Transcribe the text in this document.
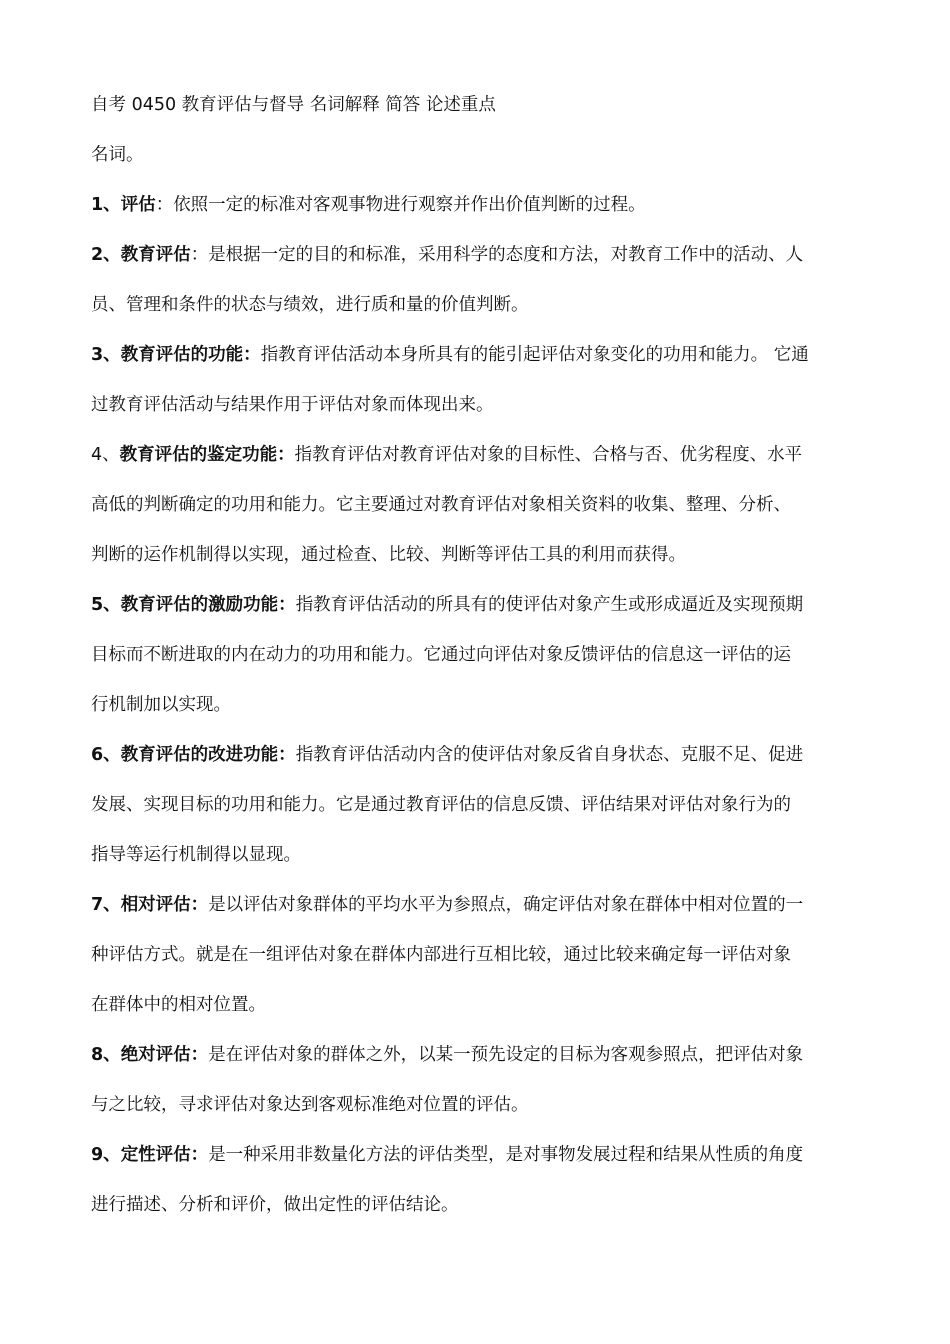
自考 0450 教育评估与督导 名词解释 简答 论述重点

名词。

1、评估：依照一定的标准对客观事物进行观察并作出价值判断的过程。

2、教育评估：是根据一定的目的和标准，采用科学的态度和方法，对教育工作中的活动、人

员、管理和条件的状态与绩效，进行质和量的价值判断。

3、教育评估的功能：指教育评估活动本身所具有的能引起评估对象变化的功用和能力。 它通

过教育评估活动与结果作用于评估对象而体现出来。

4、教育评估的鉴定功能：指教育评估对教育评估对象的目标性、合格与否、优劣程度、水平

高低的判断确定的功用和能力。它主要通过对教育评估对象相关资料的收集、整理、分析、

判断的运作机制得以实现，通过检查、比较、判断等评估工具的利用而获得。

5、教育评估的激励功能：指教育评估活动的所具有的使评估对象产生或形成逼近及实现预期

目标而不断进取的内在动力的功用和能力。它通过向评估对象反馈评估的信息这一评估的运

行机制加以实现。

6、教育评估的改进功能：指教育评估活动内含的使评估对象反省自身状态、克服不足、促进

发展、实现目标的功用和能力。它是通过教育评估的信息反馈、评估结果对评估对象行为的

指导等运行机制得以显现。

7、相对评估：是以评估对象群体的平均水平为参照点，确定评估对象在群体中相对位置的一

种评估方式。就是在一组评估对象在群体内部进行互相比较，通过比较来确定每一评估对象

在群体中的相对位置。

8、绝对评估：是在评估对象的群体之外，以某一预先设定的目标为客观参照点，把评估对象

与之比较，寻求评估对象达到客观标准绝对位置的评估。

9、定性评估：是一种采用非数量化方法的评估类型，是对事物发展过程和结果从性质的角度

进行描述、分析和评价，做出定性的评估结论。
